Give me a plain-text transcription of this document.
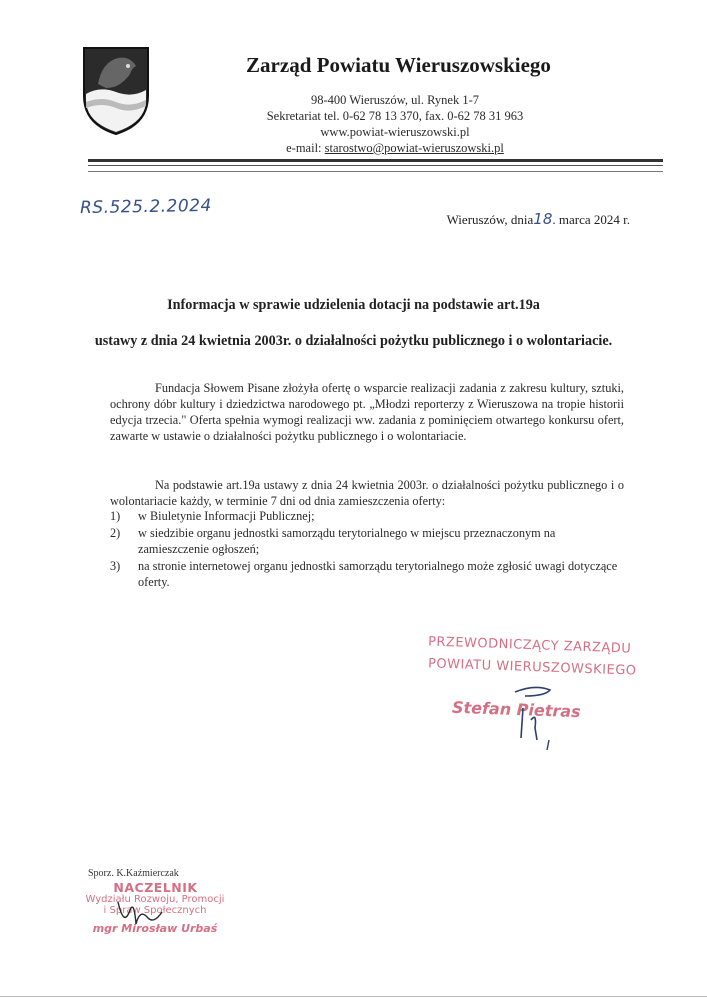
Zarząd Powiatu Wieruszowskiego
98-400 Wieruszów, ul. Rynek 1-7
Sekretariat tel. 0-62 78 13 370, fax. 0-62 78 31 963
www.powiat-wieruszowski.pl
e-mail: starostwo@powiat-wieruszowski.pl
RS.525.2.2024
Wieruszów, dnia18. marca 2024 r.
Informacja w sprawie udzielenia dotacji na podstawie art.19a
ustawy z dnia 24 kwietnia 2003r. o działalności pożytku publicznego i o wolontariacie.
Fundacja Słowem Pisane złożyła ofertę o wsparcie realizacji zadania z zakresu kultury, sztuki, ochrony dóbr kultury i dziedzictwa narodowego pt. „Młodzi reporterzy z Wieruszowa na tropie historii edycja trzecia." Oferta spełnia wymogi realizacji ww. zadania z pominięciem otwartego konkursu ofert, zawarte w ustawie o działalności pożytku publicznego i o wolontariacie.
Na podstawie art.19a ustawy z dnia 24 kwietnia 2003r. o działalności pożytku publicznego i o wolontariacie każdy, w terminie 7 dni od dnia zamieszczenia oferty:
1)	w Biuletynie Informacji Publicznej;
2)	w siedzibie organu jednostki samorządu terytorialnego w miejscu przeznaczonym na zamieszczenie ogłoszeń;
3)	na stronie internetowej organu jednostki samorządu terytorialnego może zgłosić uwagi dotyczące oferty.
PRZEWODNICZĄCY ZARZĄDU
POWIATU WIERUSZOWSKIEGO
Stefan Pietras
Sporz. K.Kaźmierczak
NACZELNIK
Wydziału Rozwoju, Promocji
i Spraw Społecznych
mgr Mirosław Urbaś
